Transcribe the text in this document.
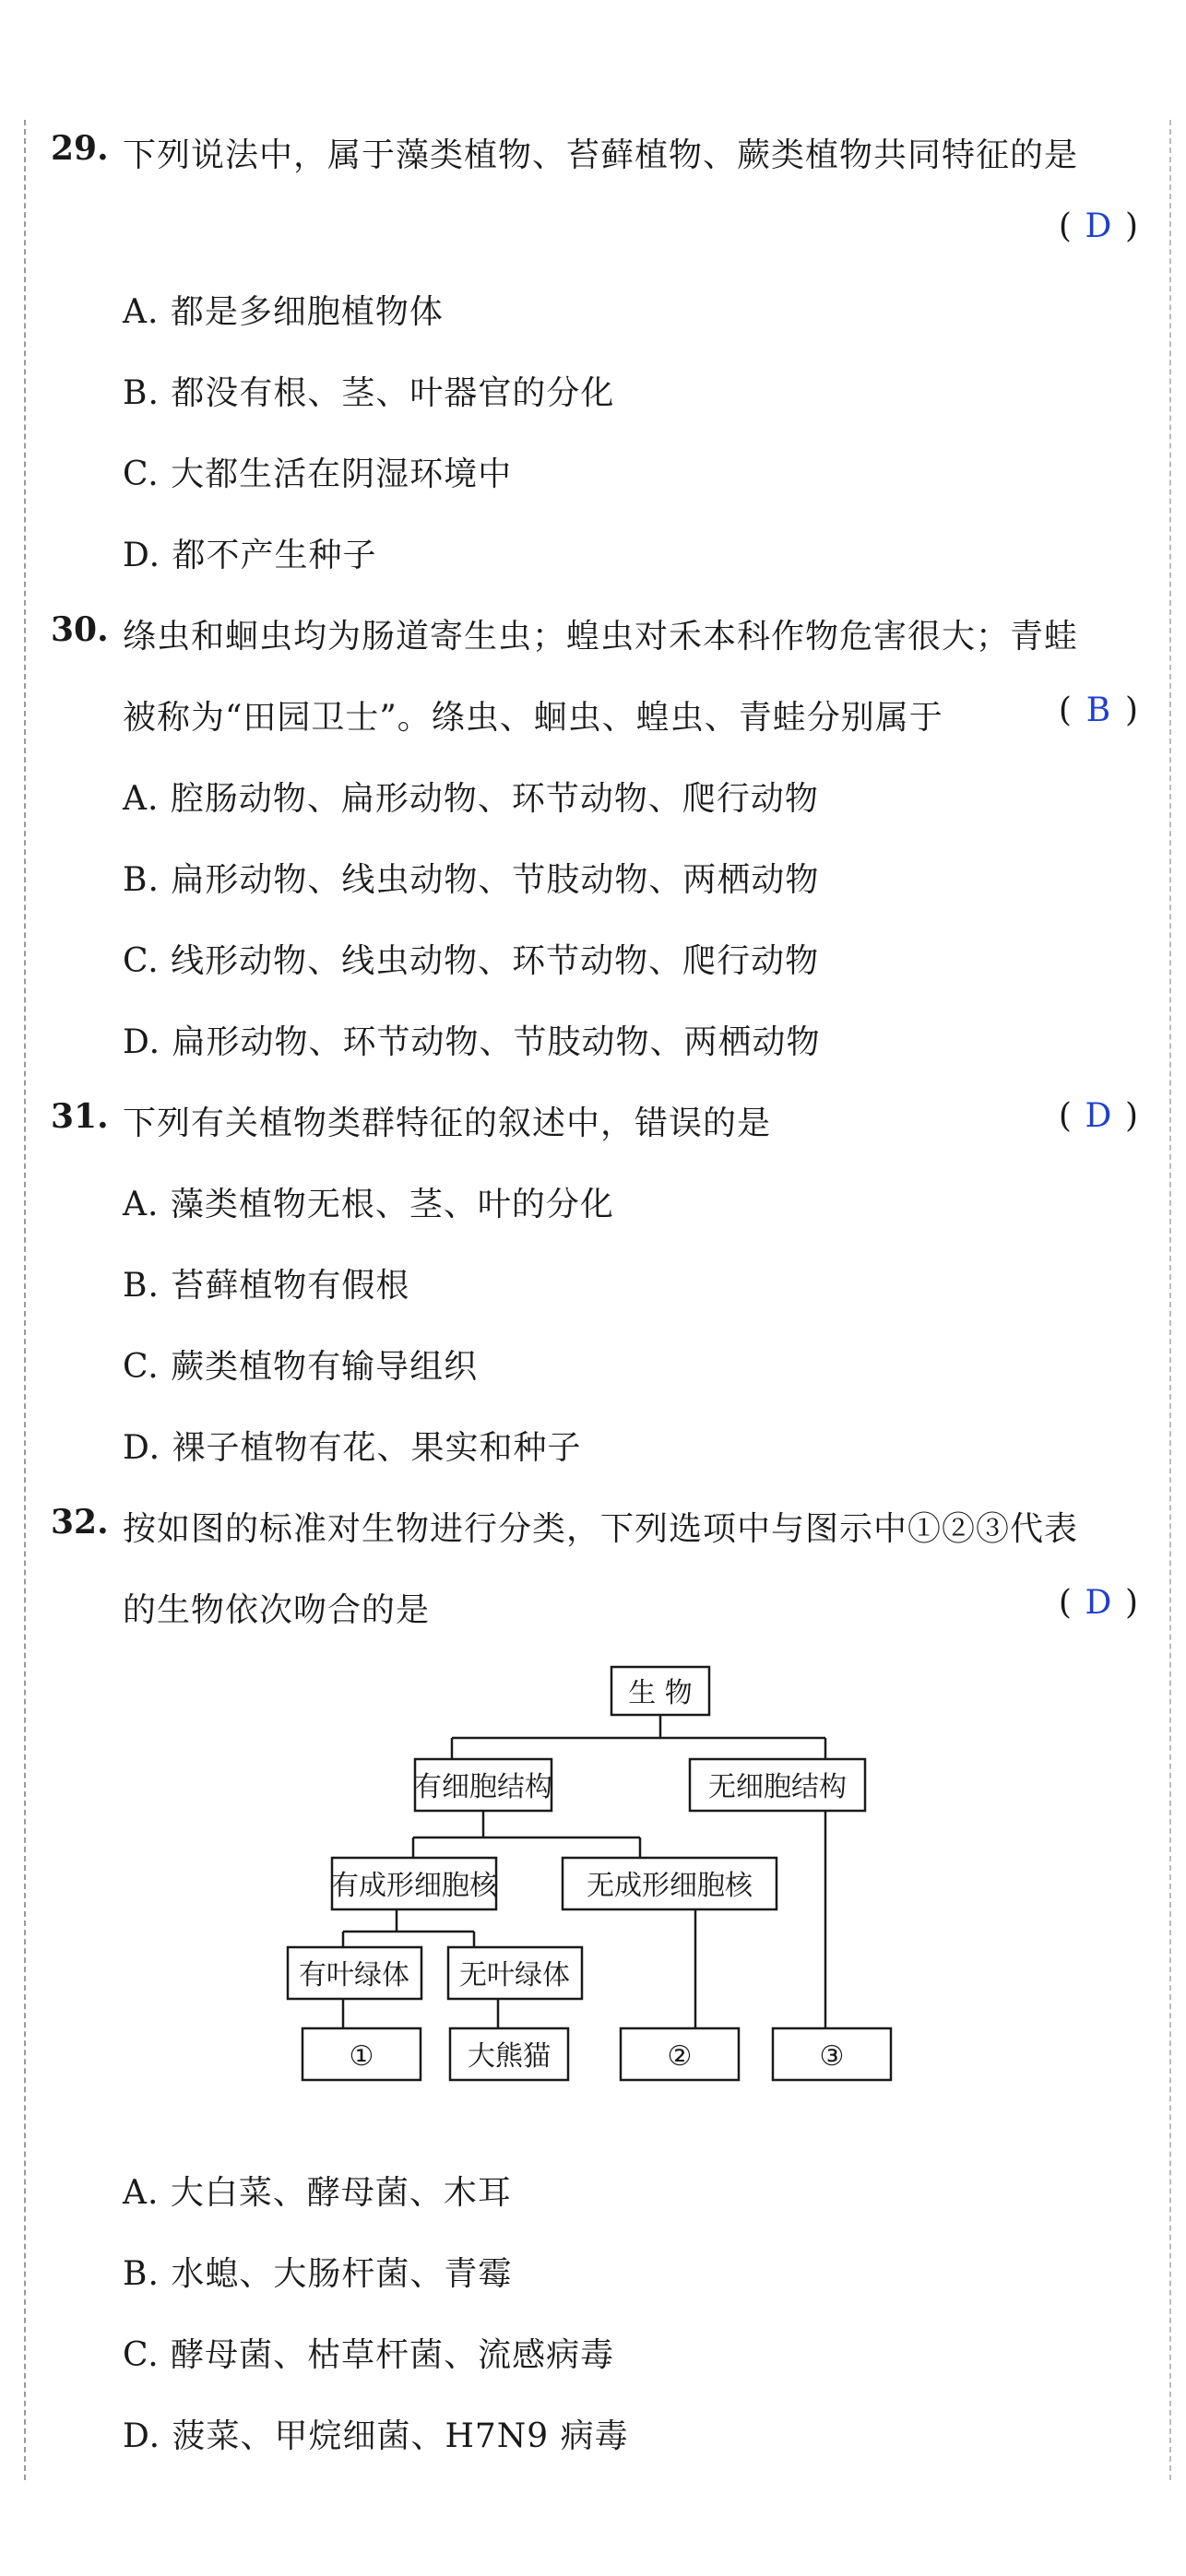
29. 下列说法中，属于藻类植物、苔藓植物、蕨类植物共同特征的是
( D )
A. 都是多细胞植物体
B. 都没有根、茎、叶器官的分化
C. 大都生活在阴湿环境中
D. 都不产生种子
30. 绦虫和蛔虫均为肠道寄生虫；蝗虫对禾本科作物危害很大；青蛙
被称为“田园卫士”。绦虫、蛔虫、蝗虫、青蛙分别属于	( B )
A. 腔肠动物、扁形动物、环节动物、爬行动物
B. 扁形动物、线虫动物、节肢动物、两栖动物
C. 线形动物、线虫动物、环节动物、爬行动物
D. 扁形动物、环节动物、节肢动物、两栖动物
31. 下列有关植物类群特征的叙述中，错误的是	( D )
A. 藻类植物无根、茎、叶的分化
B. 苔藓植物有假根
C. 蕨类植物有输导组织
D. 裸子植物有花、果实和种子
32. 按如图的标准对生物进行分类，下列选项中与图示中①②③代表
的生物依次吻合的是	( D )
生 物
有细胞结构	无细胞结构
有成形细胞核	无成形细胞核
有叶绿体 无叶绿体
①	大熊猫	②	③
A. 大白菜、酵母菌、木耳
B. 水螅、大肠杆菌、青霉
C. 酵母菌、枯草杆菌、流感病毒
D. 菠菜、甲烷细菌、H7N9 病毒
